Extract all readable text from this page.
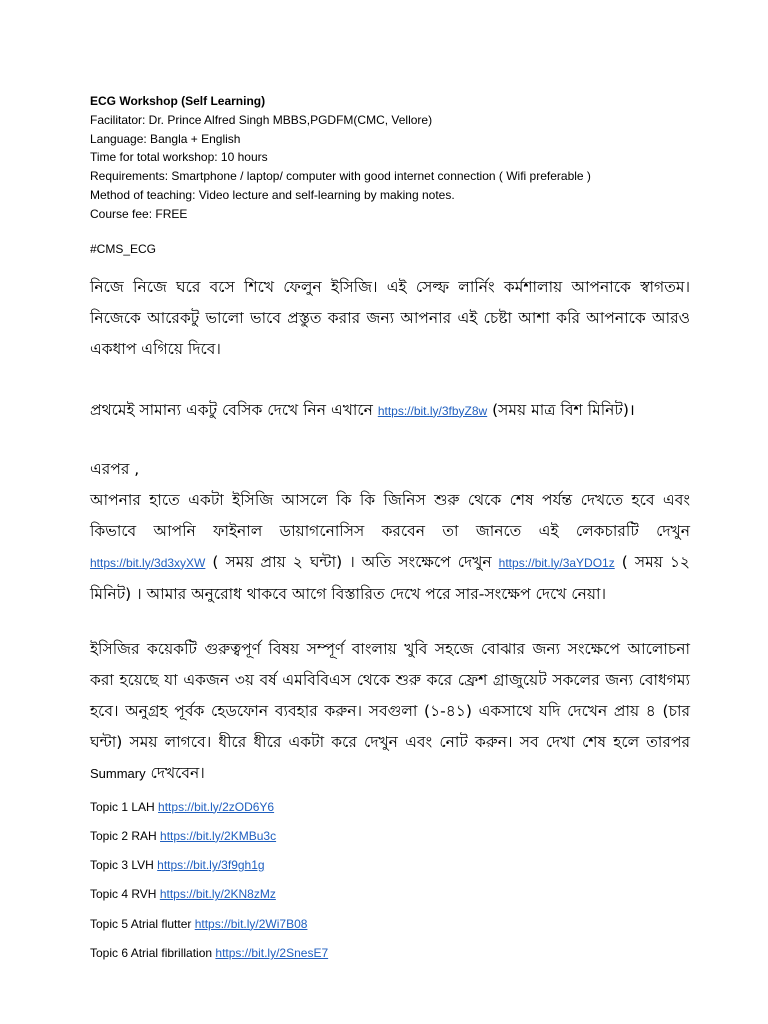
ECG Workshop (Self Learning)
Facilitator: Dr. Prince Alfred Singh MBBS,PGDFM(CMC, Vellore)
Language: Bangla + English
Time for total workshop: 10 hours
Requirements: Smartphone / laptop/ computer with good internet connection ( Wifi preferable )
Method of teaching: Video lecture and self-learning by making notes.
Course fee: FREE
#CMS_ECG

নিজে নিজে ঘরে বসে শিখে ফেলুন ইসিজি। এই সেল্ফ লার্নিং কর্মশালায় আপনাকে স্বাগতম। নিজেকে আরেকটু ভালো ভাবে প্রস্তুত করার জন্য আপনার এই চেষ্টা আশা করি আপনাকে আরও একধাপ এগিয়ে দিবে।

প্রথমেই সামান্য একটু বেসিক দেখে নিন এখানে https://bit.ly/3fbyZ8w (সময় মাত্র বিশ মিনিট)।

এরপর ,

আপনার হাতে একটা ইসিজি আসলে কি কি জিনিস শুরু থেকে শেষ পর্যন্ত দেখতে হবে এবং কিভাবে আপনি ফাইনাল ডায়াগনোসিস করবেন তা জানতে এই লেকচারটি দেখুন https://bit.ly/3d3xyXW ( সময় প্রায় ২ ঘন্টা) । অতি সংক্ষেপে দেখুন https://bit.ly/3aYDO1z ( সময় ১২ মিনিট) । আমার অনুরোধ থাকবে আগে বিস্তারিত দেখে পরে সার-সংক্ষেপ দেখে নেয়া।

ইসিজির কয়েকটি গুরুত্বপূর্ণ বিষয় সম্পূর্ণ বাংলায় খুবি সহজে বোঝার জন্য সংক্ষেপে আলোচনা করা হয়েছে যা একজন ৩য় বর্ষ এমবিবিএস থেকে শুরু করে ফ্রেশ গ্রাজুয়েট সকলের জন্য বোধগম্য হবে। অনুগ্রহ পূর্বক হেডফোন ব্যবহার করুন। সবগুলা (১-৪১) একসাথে যদি দেখেন প্রায় ৪ (চার ঘন্টা) সময় লাগবে। ধীরে ধীরে একটা করে দেখুন এবং নোট করুন। সব দেখা শেষ হলে তারপর Summary দেখবেন।

Topic 1 LAH https://bit.ly/2zOD6Y6
Topic 2 RAH https://bit.ly/2KMBu3c
Topic 3 LVH https://bit.ly/3f9gh1g
Topic 4 RVH https://bit.ly/2KN8zMz
Topic 5 Atrial flutter https://bit.ly/2Wi7B08
Topic 6 Atrial fibrillation https://bit.ly/2SnesE7
